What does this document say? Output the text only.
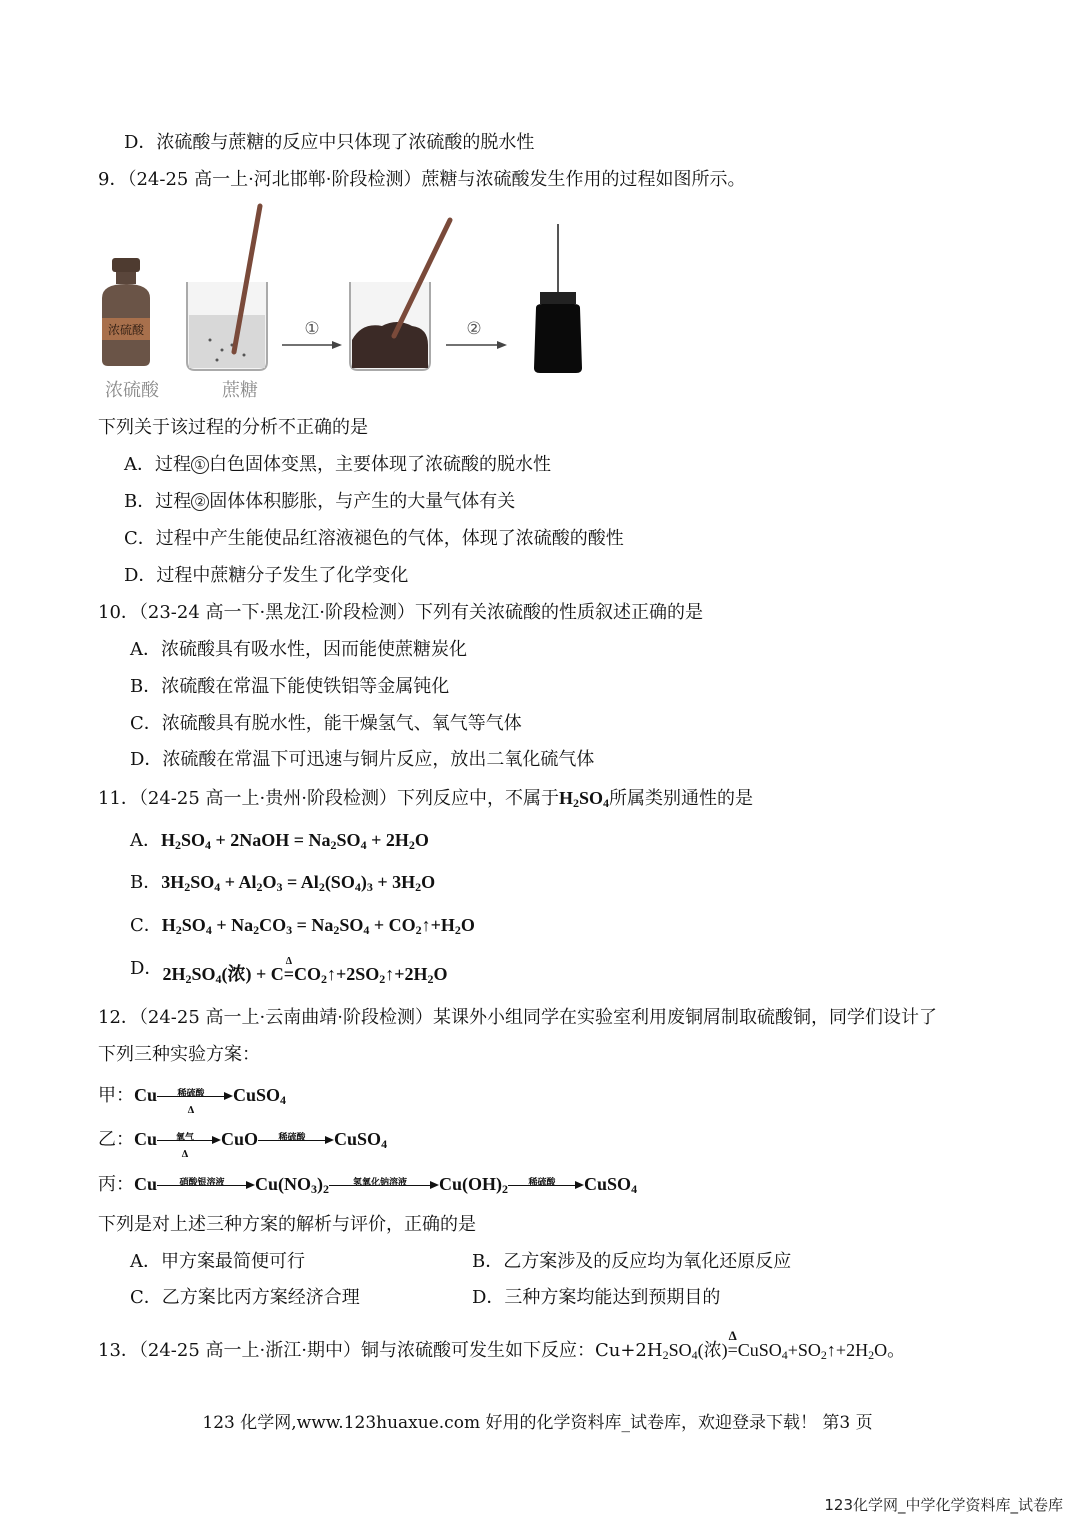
D．浓硫酸与蔗糖的反应中只体现了浓硫酸的脱水性
9．（24-25 高一上·河北邯郸·阶段检测）蔗糖与浓硫酸发生作用的过程如图所示。
浓硫酸
浓硫酸	蔗糖
①	②
下列关于该过程的分析不正确的是
A．过程 ① 白色固体变黑，主要体现了浓硫酸的脱水性
B．过程 ② 固体体积膨胀，与产生的大量气体有关
C．过程中产生能使品红溶液褪色的气体，体现了浓硫酸的酸性
D．过程中蔗糖分子发生了化学变化
10．（23-24 高一下·黑龙江·阶段检测）下列有关浓硫酸的性质叙述正确的是
A．浓硫酸具有吸水性，因而能使蔗糖炭化
B．浓硫酸在常温下能使铁铝等金属钝化
C．浓硫酸具有脱水性，能干燥氢气、氧气等气体
D．浓硫酸在常温下可迅速与铜片反应，放出二氧化硫气体
11．（24-25 高一上·贵州·阶段检测）下列反应中，不属于$H_2SO_4$所属类别通性的是
A．$H_2SO_4$ + 2NaOH = $Na_2SO_4 + 2H_2O$
B．$3H_2SO_4 + Al_2O_3 = Al_2(SO_4)_3 + 3H_2O$
C．$H_2SO_4 + Na_2CO_3 = Na_2SO_4$ + $CO_2↑+H_2O$
D．$2H_2SO_4$(浓) + C
Δ
$=CO_2↑+2SO_2↑+2H_2O$
12．（24-25 高一上·云南曲靖·阶段检测）某课外小组同学在实验室利用废铜屑制取硫酸铜，同学们设计了
下列三种实验方案：
甲：Cu	稀硫酸
Δ
CuSO$_4$
乙：Cu	氧气
Δ
CuO	稀硫酸	CuSO$_4$
丙：Cu	硝酸银溶液	$Cu(NO_3)_2$	氢氧化钠溶液	$Cu(OH)_2$	稀硫酸	CuSO$_4$
下列是对上述三种方案的解析与评价，正确的是
A．甲方案最简便可行	B．乙方案涉及的反应均为氧化还原反应
C．乙方案比丙方案经济合理	D．三种方案均能达到预期目的
13．（24-25 高一上·浙江·期中）铜与浓硫酸可发生如下反应：$Cu+2H_2SO_4$(浓)
Δ
$=CuSO_4+SO_2↑+2H_2O$。
123 化学网,www.123huaxue.com 好用的化学资料库_试卷库，欢迎登录下载！ 第3 页
123化学网_中学化学资料库_试卷库
